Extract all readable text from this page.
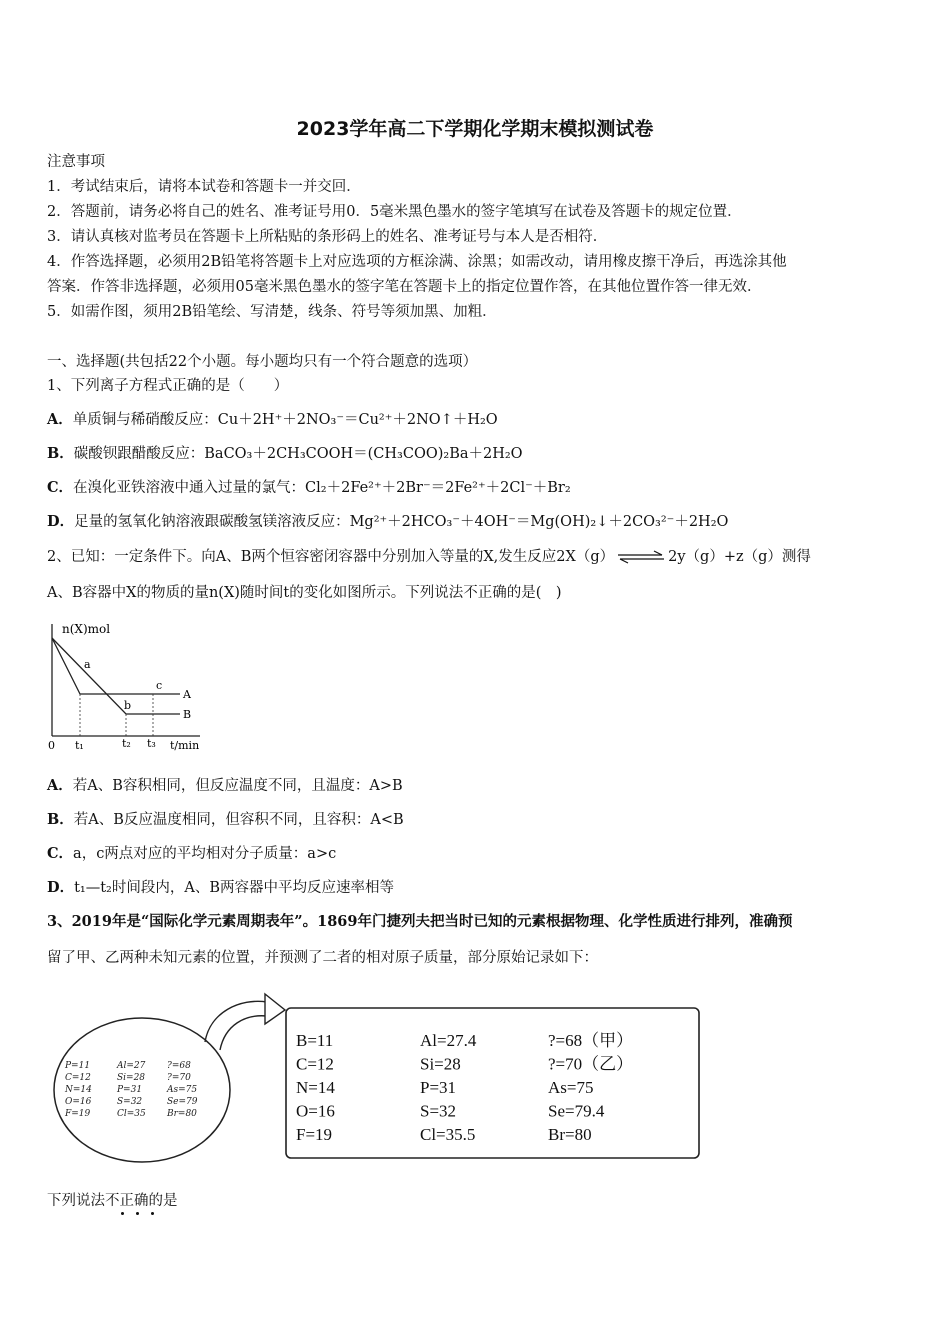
2023学年高二下学期化学期末模拟测试卷
注意事项
1．考试结束后，请将本试卷和答题卡一并交回．
2．答题前，请务必将自己的姓名、准考证号用0．5毫米黑色墨水的签字笔填写在试卷及答题卡的规定位置．
3．请认真核对监考员在答题卡上所粘贴的条形码上的姓名、准考证号与本人是否相符．
4．作答选择题，必须用2B铅笔将答题卡上对应选项的方框涂满、涂黑；如需改动，请用橡皮擦干净后，再选涂其他
答案．作答非选择题，必须用05毫米黑色墨水的签字笔在答题卡上的指定位置作答，在其他位置作答一律无效．
5．如需作图，须用2B铅笔绘、写清楚，线条、符号等须加黑、加粗．
一、选择题(共包括22个小题。每小题均只有一个符合题意的选项）
1、下列离子方程式正确的是（　　）
A．单质铜与稀硝酸反应：Cu＋2H⁺＋2NO₃⁻＝Cu²⁺＋2NO↑＋H₂O
B．碳酸钡跟醋酸反应：BaCO₃＋2CH₃COOH＝(CH₃COO)₂Ba＋2H₂O
C．在溴化亚铁溶液中通入过量的氯气：Cl₂＋2Fe²⁺＋2Br⁻＝2Fe²⁺＋2Cl⁻＋Br₂
D．足量的氢氧化钠溶液跟碳酸氢镁溶液反应：Mg²⁺＋2HCO₃⁻＋4OH⁻＝Mg(OH)₂↓＋2CO₃²⁻＋2H₂O
2、已知：一定条件下。向A、B两个恒容密闭容器中分别加入等量的X,发生反应2X（g） ⇌ 2y（g）+z（g）测得
A、B容器中X的物质的量n(X)随时间t的变化如图所示。下列说法不正确的是(　)
n(X)mol
t/min
0 t₁	t₂ t₃
a
b
c
A
B
A．若A、B容积相同，但反应温度不同，且温度：A>B
B．若A、B反应温度相同，但容积不同，且容积：A<B
C．a，c两点对应的平均相对分子质量：a>c
D．t₁—t₂时间段内，A、B两容器中平均反应速率相等
3、2019年是“国际化学元素周期表年”。1869年门捷列夫把当时已知的元素根据物理、化学性质进行排列，准确预
留了甲、乙两种未知元素的位置，并预测了二者的相对原子质量，部分原始记录如下：
P=11
C=12
N=14
O=16
F=19
Al=27
Si=28
P=31
S=32
Cl=35
?=68
?=70
As=75
Se=79
Br=80
B=11
C=12
N=14
O=16
F=19
Al=27.4
Si=28
P=31
S=32
Cl=35.5
?=68（甲）
?=70（乙）
As=75
Se=79.4
Br=80
下列说法不正确的是
